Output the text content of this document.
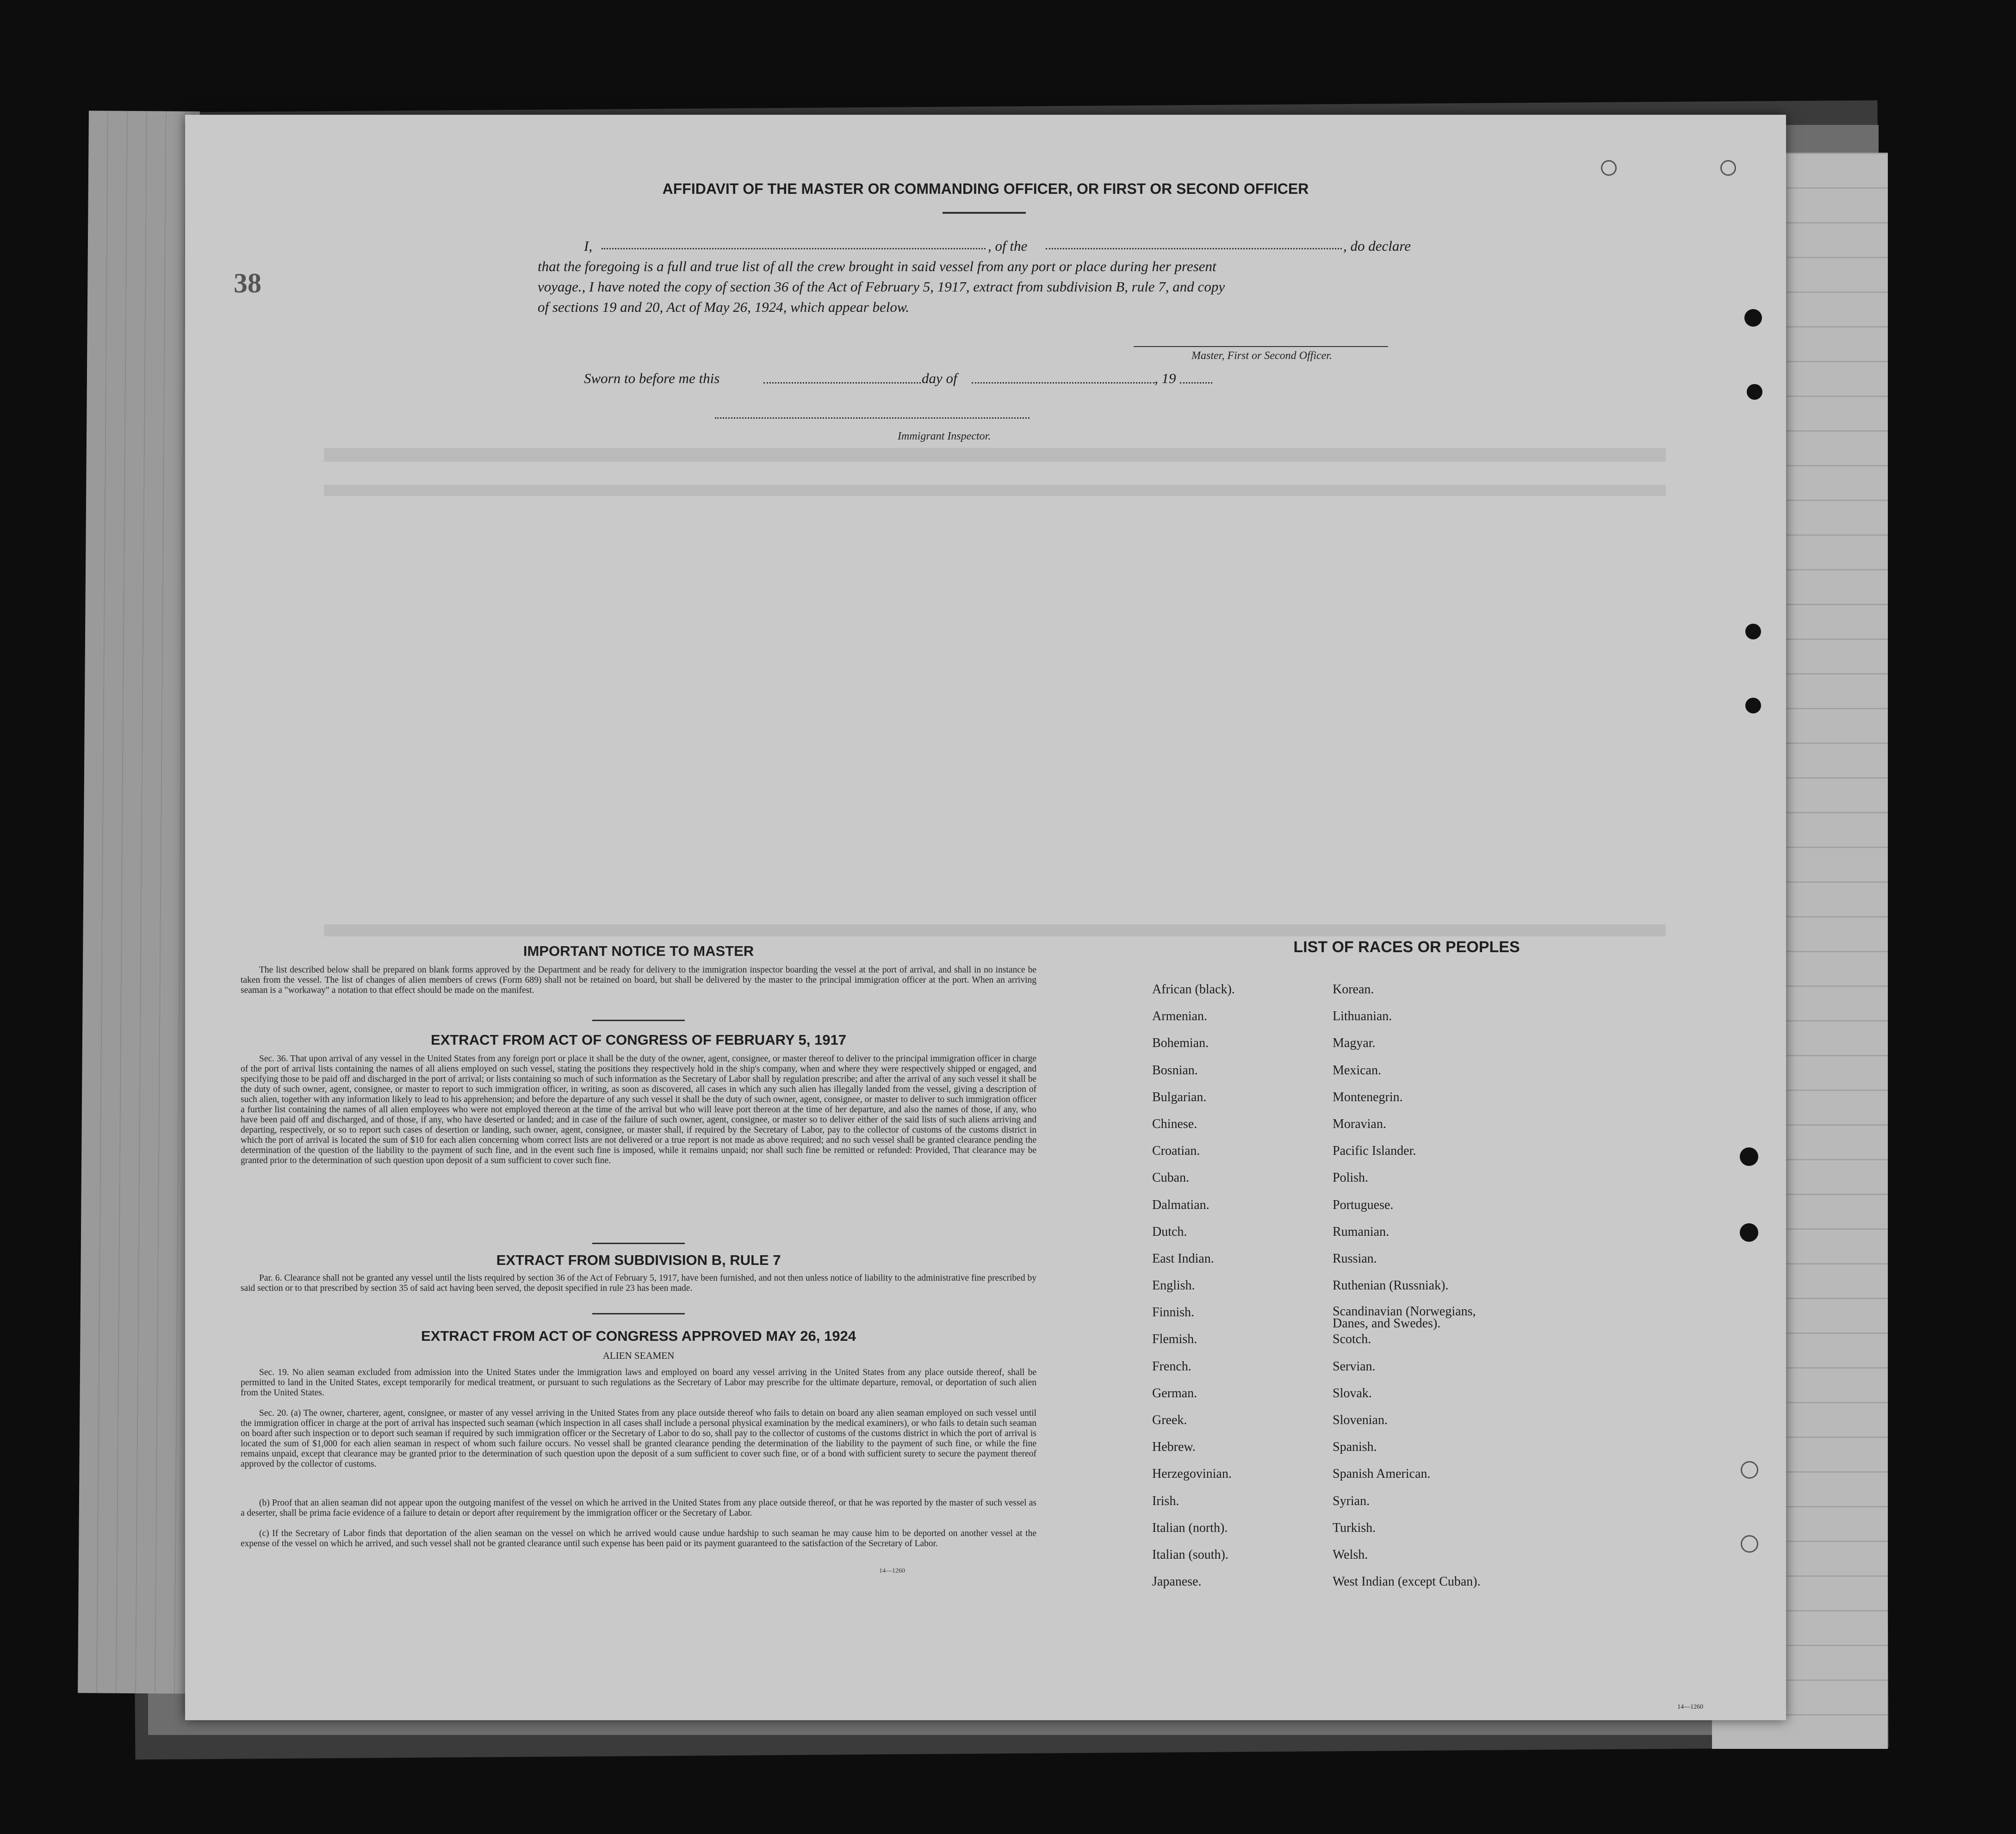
38
AFFIDAVIT OF THE MASTER OR COMMANDING OFFICER, OR FIRST OR SECOND OFFICER
I,	, of the	, do declare
that the foregoing is a full and true list of all the crew brought in said vessel from any port or place during her present
voyage., I have noted the copy of section 36 of the Act of February 5, 1917, extract from subdivision B, rule 7, and copy
of sections 19 and 20, Act of May 26, 1924, which appear below.
Master, First or Second Officer.
Sworn to before me this	day of	, 19
Immigrant Inspector.
IMPORTANT NOTICE TO MASTER
The list described below shall be prepared on blank forms approved by the Department and be ready for delivery to the immigration inspector boarding the vessel at the port of arrival, and shall in no instance be taken from the vessel. The list of changes of alien members of crews (Form 689) shall not be retained on board, but shall be delivered by the master to the principal immigration officer at the port. When an arriving seaman is a "workaway" a notation to that effect should be made on the manifest.
EXTRACT FROM ACT OF CONGRESS OF FEBRUARY 5, 1917
Sec. 36. That upon arrival of any vessel in the United States from any foreign port or place it shall be the duty of the owner, agent, consignee, or master thereof to deliver to the principal immigration officer in charge of the port of arrival lists containing the names of all aliens employed on such vessel, stating the positions they respectively hold in the ship's company, when and where they were respectively shipped or engaged, and specifying those to be paid off and discharged in the port of arrival; or lists containing so much of such information as the Secretary of Labor shall by regulation prescribe; and after the arrival of any such vessel it shall be the duty of such owner, agent, consignee, or master to report to such immigration officer, in writing, as soon as discovered, all cases in which any such alien has illegally landed from the vessel, giving a description of such alien, together with any information likely to lead to his apprehension; and before the departure of any such vessel it shall be the duty of such owner, agent, consignee, or master to deliver to such immigration officer a further list containing the names of all alien employees who were not employed thereon at the time of the arrival but who will leave port thereon at the time of her departure, and also the names of those, if any, who have been paid off and discharged, and of those, if any, who have deserted or landed; and in case of the failure of such owner, agent, consignee, or master so to deliver either of the said lists of such aliens arriving and departing, respectively, or so to report such cases of desertion or landing, such owner, agent, consignee, or master shall, if required by the Secretary of Labor, pay to the collector of customs of the customs district in which the port of arrival is located the sum of $10 for each alien concerning whom correct lists are not delivered or a true report is not made as above required; and no such vessel shall be granted clearance pending the determination of the question of the liability to the payment of such fine, and in the event such fine is imposed, while it remains unpaid; nor shall such fine be remitted or refunded: Provided, That clearance may be granted prior to the determination of such question upon deposit of a sum sufficient to cover such fine.
EXTRACT FROM SUBDIVISION B, RULE 7
Par. 6. Clearance shall not be granted any vessel until the lists required by section 36 of the Act of February 5, 1917, have been furnished, and not then unless notice of liability to the administrative fine prescribed by said section or to that prescribed by section 35 of said act having been served, the deposit specified in rule 23 has been made.
EXTRACT FROM ACT OF CONGRESS APPROVED MAY 26, 1924
ALIEN SEAMEN
Sec. 19. No alien seaman excluded from admission into the United States under the immigration laws and employed on board any vessel arriving in the United States from any place outside thereof, shall be permitted to land in the United States, except temporarily for medical treatment, or pursuant to such regulations as the Secretary of Labor may prescribe for the ultimate departure, removal, or deportation of such alien from the United States.
Sec. 20. (a) The owner, charterer, agent, consignee, or master of any vessel arriving in the United States from any place outside thereof who fails to detain on board any alien seaman employed on such vessel until the immigration officer in charge at the port of arrival has inspected such seaman (which inspection in all cases shall include a personal physical examination by the medical examiners), or who fails to detain such seaman on board after such inspection or to deport such seaman if required by such immigration officer or the Secretary of Labor to do so, shall pay to the collector of customs of the customs district in which the port of arrival is located the sum of $1,000 for each alien seaman in respect of whom such failure occurs. No vessel shall be granted clearance pending the determination of the liability to the payment of such fine, or while the fine remains unpaid, except that clearance may be granted prior to the determination of such question upon the deposit of a sum sufficient to cover such fine, or of a bond with sufficient surety to secure the payment thereof approved by the collector of customs.
(b) Proof that an alien seaman did not appear upon the outgoing manifest of the vessel on which he arrived in the United States from any place outside thereof, or that he was reported by the master of such vessel as a deserter, shall be prima facie evidence of a failure to detain or deport after requirement by the immigration officer or the Secretary of Labor.
(c) If the Secretary of Labor finds that deportation of the alien seaman on the vessel on which he arrived would cause undue hardship to such seaman he may cause him to be deported on another vessel at the expense of the vessel on which he arrived, and such vessel shall not be granted clearance until such expense has been paid or its payment guaranteed to the satisfaction of the Secretary of Labor.
14—1260
LIST OF RACES OR PEOPLES
African (black).
Armenian.
Bohemian.
Bosnian.
Bulgarian.
Chinese.
Croatian.
Cuban.
Dalmatian.
Dutch.
East Indian.
English.
Finnish.
Flemish.
French.
German.
Greek.
Hebrew.
Herzegovinian.
Irish.
Italian (north).
Italian (south).
Japanese.
Korean.
Lithuanian.
Magyar.
Mexican.
Montenegrin.
Moravian.
Pacific Islander.
Polish.
Portuguese.
Rumanian.
Russian.
Ruthenian (Russniak).
Scandinavian (Norwegians, Danes, and Swedes).
Scotch.
Servian.
Slovak.
Slovenian.
Spanish.
Spanish American.
Syrian.
Turkish.
Welsh.
West Indian (except Cuban).
14—1260
